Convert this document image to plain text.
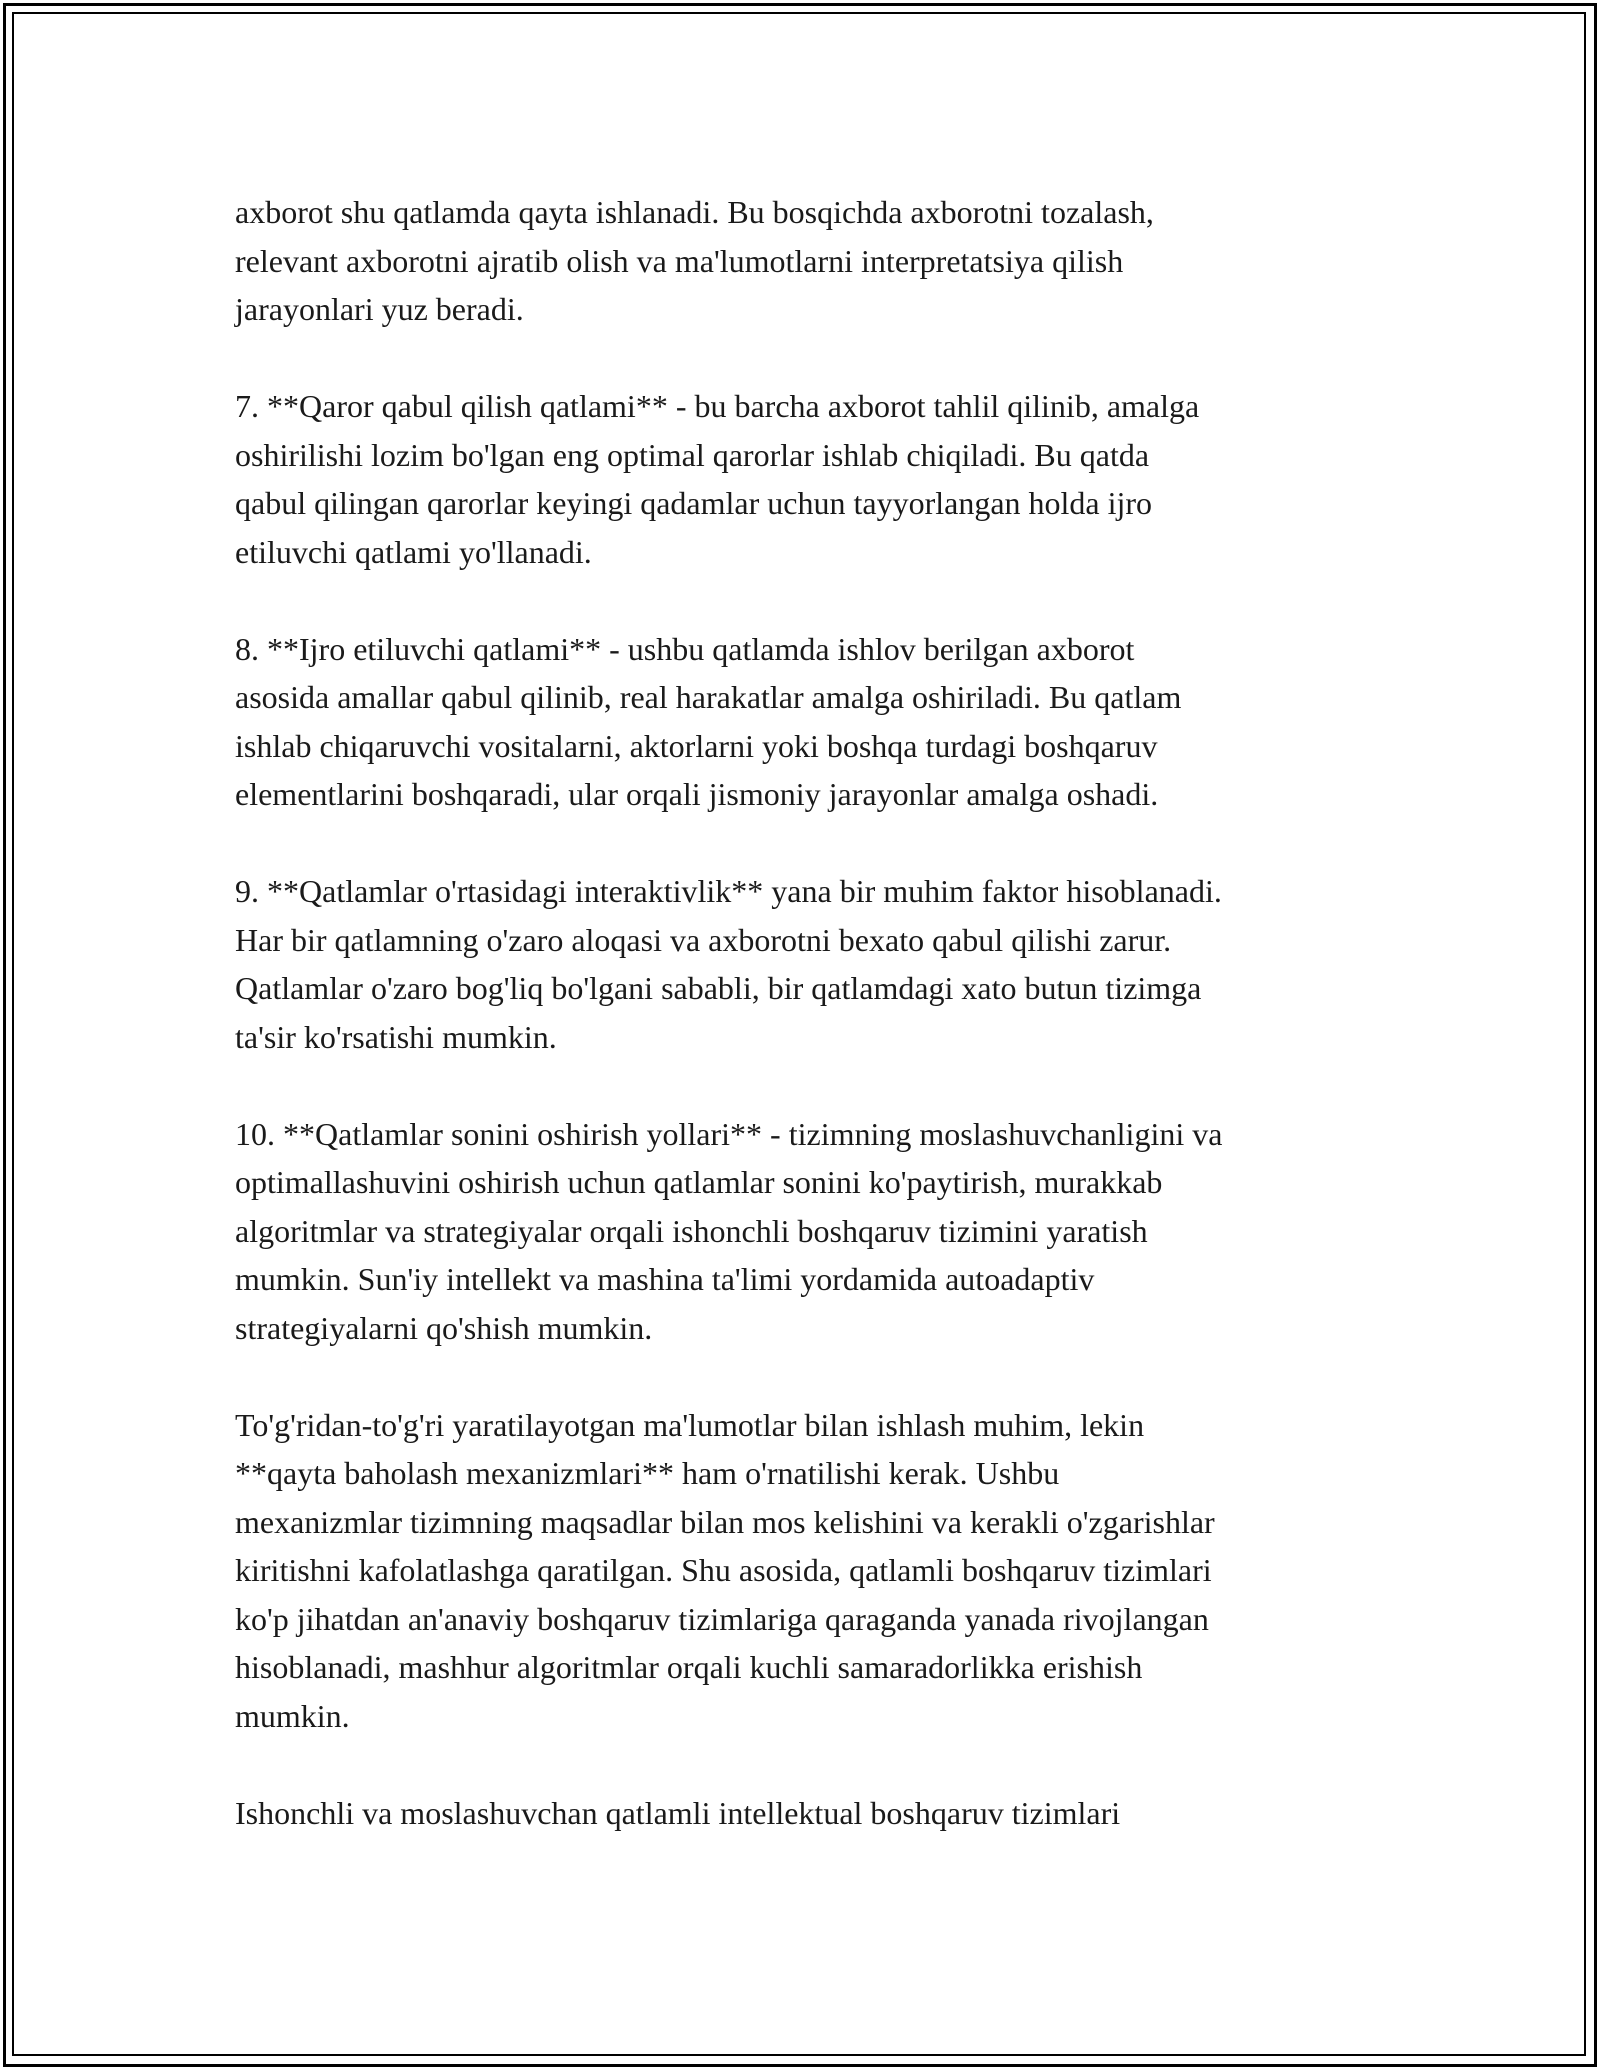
axborot shu qatlamda qayta ishlanadi. Bu bosqichda axborotni tozalash,
relevant axborotni ajratib olish va ma'lumotlarni interpretatsiya qilish
jarayonlari yuz beradi.

7. **Qaror qabul qilish qatlami** - bu barcha axborot tahlil qilinib, amalga
oshirilishi lozim bo'lgan eng optimal qarorlar ishlab chiqiladi. Bu qatda
qabul qilingan qarorlar keyingi qadamlar uchun tayyorlangan holda ijro
etiluvchi qatlami yo'llanadi.

8. **Ijro etiluvchi qatlami** - ushbu qatlamda ishlov berilgan axborot
asosida amallar qabul qilinib, real harakatlar amalga oshiriladi. Bu qatlam
ishlab chiqaruvchi vositalarni, aktorlarni yoki boshqa turdagi boshqaruv
elementlarini boshqaradi, ular orqali jismoniy jarayonlar amalga oshadi.

9. **Qatlamlar o'rtasidagi interaktivlik** yana bir muhim faktor hisoblanadi.
Har bir qatlamning o'zaro aloqasi va axborotni bexato qabul qilishi zarur.
Qatlamlar o'zaro bog'liq bo'lgani sababli, bir qatlamdagi xato butun tizimga
ta'sir ko'rsatishi mumkin.

10. **Qatlamlar sonini oshirish yollari** - tizimning moslashuvchanligini va
optimallashuvini oshirish uchun qatlamlar sonini ko'paytirish, murakkab
algoritmlar va strategiyalar orqali ishonchli boshqaruv tizimini yaratish
mumkin. Sun'iy intellekt va mashina ta'limi yordamida autoadaptiv
strategiyalarni qo'shish mumkin.

To'g'ridan-to'g'ri yaratilayotgan ma'lumotlar bilan ishlash muhim, lekin
**qayta baholash mexanizmlari** ham o'rnatilishi kerak. Ushbu
mexanizmlar tizimning maqsadlar bilan mos kelishini va kerakli o'zgarishlar
kiritishni kafolatlashga qaratilgan. Shu asosida, qatlamli boshqaruv tizimlari
ko'p jihatdan an'anaviy boshqaruv tizimlariga qaraganda yanada rivojlangan
hisoblanadi, mashhur algoritmlar orqali kuchli samaradorlikka erishish
mumkin.

Ishonchli va moslashuvchan qatlamli intellektual boshqaruv tizimlari
